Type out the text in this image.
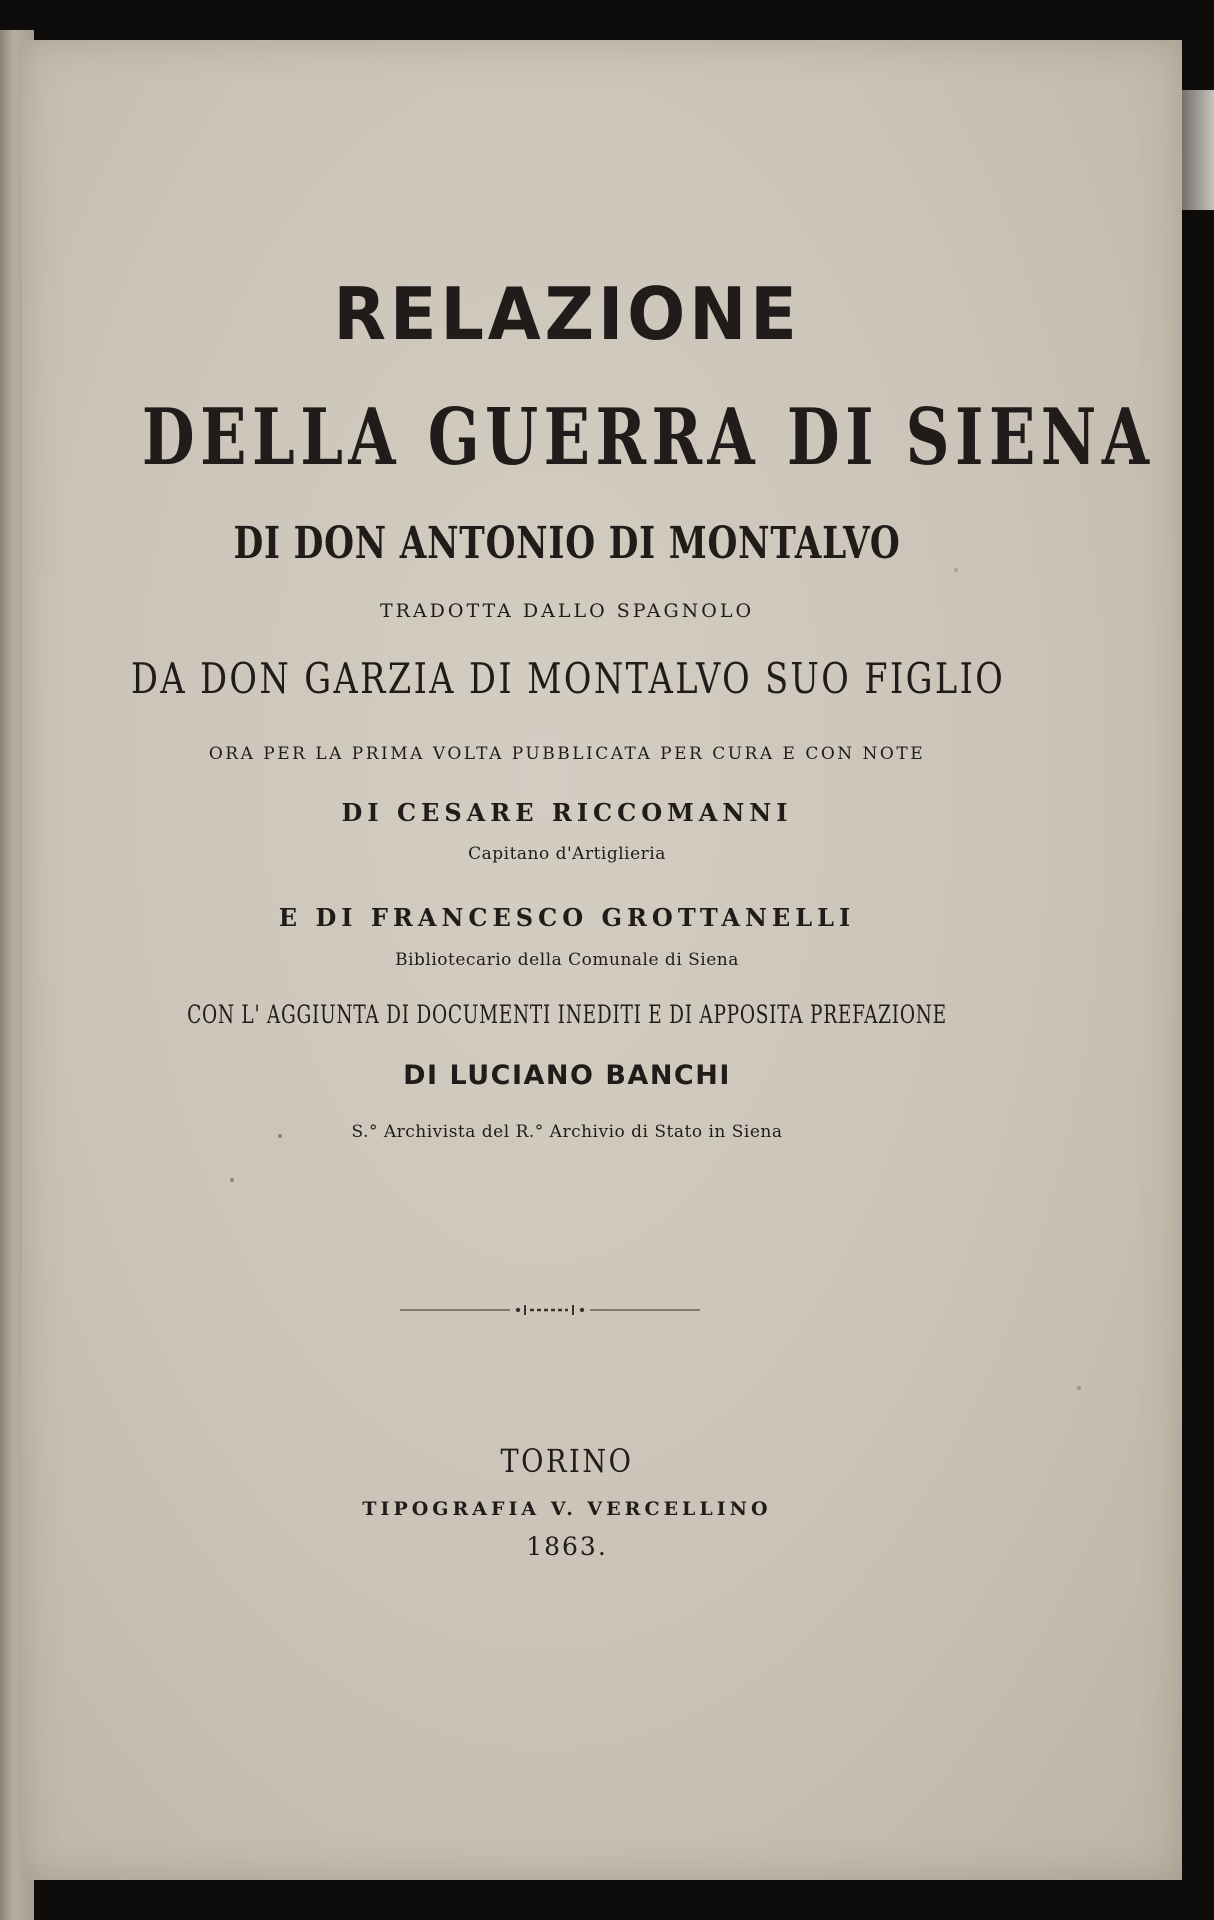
RELAZIONE
DELLA GUERRA DI SIENA
DI DON ANTONIO DI MONTALVO
TRADOTTA DALLO SPAGNOLO
DA DON GARZIA DI MONTALVO SUO FIGLIO
ORA PER LA PRIMA VOLTA PUBBLICATA PER CURA E CON NOTE
DI CESARE RICCOMANNI
Capitano d'Artiglieria
E DI FRANCESCO GROTTANELLI
Bibliotecario della Comunale di Siena
CON L' AGGIUNTA DI DOCUMENTI INEDITI E DI APPOSITA PREFAZIONE
DI LUCIANO BANCHI
S.° Archivista del R.° Archivio di Stato in Siena
TORINO
TIPOGRAFIA V. VERCELLINO
1863.
